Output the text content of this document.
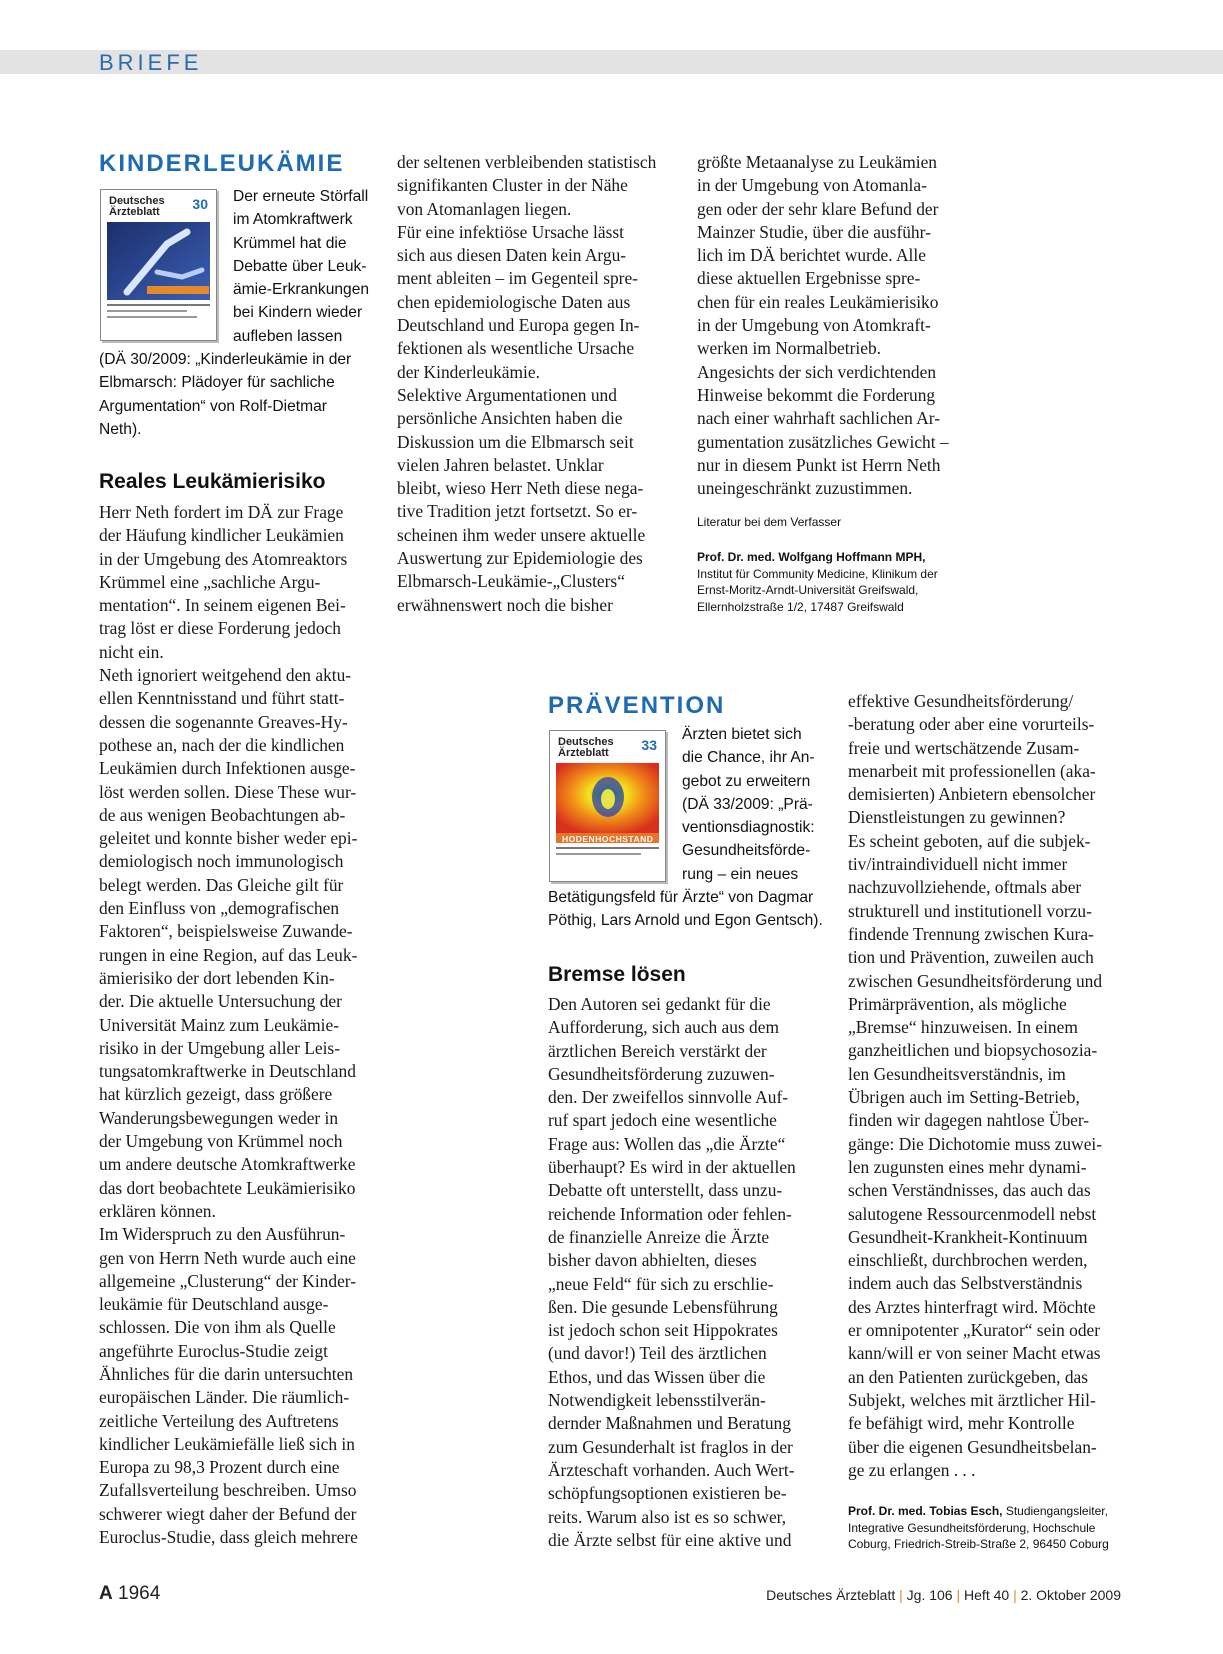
BRIEFE
KINDERLEUKÄMIE
Deutsches
Ärzteblatt	30 Der erneute Störfall
im Atomkraftwerk
Krümmel hat die
Debatte über Leuk-
ämie-Erkrankungen
bei Kindern wieder
aufleben lassen
(DÄ 30/2009: „Kinderleukämie in der
Elbmarsch: Plädoyer für sachliche
Argumentation“ von Rolf-Dietmar
Neth).
Reales Leukämierisiko
Herr Neth fordert im DÄ zur Frage
der Häufung kindlicher Leukämien
in der Umgebung des Atomreaktors
Krümmel eine „sachliche Argu-
mentation“. In seinem eigenen Bei-
trag löst er diese Forderung jedoch
nicht ein.
Neth ignoriert weitgehend den aktu-
ellen Kenntnisstand und führt statt-
dessen die sogenannte Greaves-Hy-
pothese an, nach der die kindlichen
Leukämien durch Infektionen ausge-
löst werden sollen. Diese These wur-
de aus wenigen Beobachtungen ab-
geleitet und konnte bisher weder epi-
demiologisch noch immunologisch
belegt werden. Das Gleiche gilt für
den Einfluss von „demografischen
Faktoren“, beispielsweise Zuwande-
rungen in eine Region, auf das Leuk-
ämierisiko der dort lebenden Kin-
der. Die aktuelle Untersuchung der
Universität Mainz zum Leukämie-
risiko in der Umgebung aller Leis-
tungsatomkraftwerke in Deutschland
hat kürzlich gezeigt, dass größere
Wanderungsbewegungen weder in
der Umgebung von Krümmel noch
um andere deutsche Atomkraftwerke
das dort beobachtete Leukämierisiko
erklären können.
Im Widerspruch zu den Ausführun-
gen von Herrn Neth wurde auch eine
allgemeine „Clusterung“ der Kinder-
leukämie für Deutschland ausge-
schlossen. Die von ihm als Quelle
angeführte Euroclus-Studie zeigt
Ähnliches für die darin untersuchten
europäischen Länder. Die räumlich-
zeitliche Verteilung des Auftretens
kindlicher Leukämiefälle ließ sich in
Europa zu 98,3 Prozent durch eine
Zufallsverteilung beschreiben. Umso
schwerer wiegt daher der Befund der
Euroclus-Studie, dass gleich mehrere
der seltenen verbleibenden statistisch
signifikanten Cluster in der Nähe
von Atomanlagen liegen.
Für eine infektiöse Ursache lässt
sich aus diesen Daten kein Argu-
ment ableiten – im Gegenteil spre-
chen epidemiologische Daten aus
Deutschland und Europa gegen In-
fektionen als wesentliche Ursache
der Kinderleukämie.
Selektive Argumentationen und
persönliche Ansichten haben die
Diskussion um die Elbmarsch seit
vielen Jahren belastet. Unklar
bleibt, wieso Herr Neth diese nega-
tive Tradition jetzt fortsetzt. So er-
scheinen ihm weder unsere aktuelle
Auswertung zur Epidemiologie des
Elbmarsch-Leukämie-„Clusters“
erwähnenswert noch die bisher
größte Metaanalyse zu Leukämien
in der Umgebung von Atomanla-
gen oder der sehr klare Befund der
Mainzer Studie, über die ausführ-
lich im DÄ berichtet wurde. Alle
diese aktuellen Ergebnisse spre-
chen für ein reales Leukämierisiko
in der Umgebung von Atomkraft-
werken im Normalbetrieb.
Angesichts der sich verdichtenden
Hinweise bekommt die Forderung
nach einer wahrhaft sachlichen Ar-
gumentation zusätzliches Gewicht –
nur in diesem Punkt ist Herrn Neth
uneingeschränkt zuzustimmen.
Literatur bei dem Verfasser
Prof. Dr. med. Wolfgang Hoffmann MPH,
Institut für Community Medicine, Klinikum der
Ernst-Moritz-Arndt-Universität Greifswald,
Ellernholzstraße 1/2, 17487 Greifswald
PRÄVENTION
Deutsches
Ärzteblatt	33
HODENHOCHSTAND
Ärzten bietet sich
die Chance, ihr An-
gebot zu erweitern
(DÄ 33/2009: „Prä-
ventionsdiagnostik:
Gesundheitsförde-
rung – ein neues
Betätigungsfeld für Ärzte“ von Dagmar
Pöthig, Lars Arnold und Egon Gentsch).
Bremse lösen
Den Autoren sei gedankt für die
Aufforderung, sich auch aus dem
ärztlichen Bereich verstärkt der
Gesundheitsförderung zuzuwen-
den. Der zweifellos sinnvolle Auf-
ruf spart jedoch eine wesentliche
Frage aus: Wollen das „die Ärzte“
überhaupt? Es wird in der aktuellen
Debatte oft unterstellt, dass unzu-
reichende Information oder fehlen-
de finanzielle Anreize die Ärzte
bisher davon abhielten, dieses
„neue Feld“ für sich zu erschlie-
ßen. Die gesunde Lebensführung
ist jedoch schon seit Hippokrates
(und davor!) Teil des ärztlichen
Ethos, und das Wissen über die
Notwendigkeit lebensstilverän-
dernder Maßnahmen und Beratung
zum Gesunderhalt ist fraglos in der
Ärzteschaft vorhanden. Auch Wert-
schöpfungsoptionen existieren be-
reits. Warum also ist es so schwer,
die Ärzte selbst für eine aktive und
effektive Gesundheitsförderung/
-beratung oder aber eine vorurteils-
freie und wertschätzende Zusam-
menarbeit mit professionellen (aka-
demisierten) Anbietern ebensolcher
Dienstleistungen zu gewinnen?
Es scheint geboten, auf die subjek-
tiv/intraindividuell nicht immer
nachzuvollziehende, oftmals aber
strukturell und institutionell vorzu-
findende Trennung zwischen Kura-
tion und Prävention, zuweilen auch
zwischen Gesundheitsförderung und
Primärprävention, als mögliche
„Bremse“ hinzuweisen. In einem
ganzheitlichen und biopsychosozia-
len Gesundheitsverständnis, im
Übrigen auch im Setting-Betrieb,
finden wir dagegen nahtlose Über-
gänge: Die Dichotomie muss zuwei-
len zugunsten eines mehr dynami-
schen Verständnisses, das auch das
salutogene Ressourcenmodell nebst
Gesundheit-Krankheit-Kontinuum
einschließt, durchbrochen werden,
indem auch das Selbstverständnis
des Arztes hinterfragt wird. Möchte
er omnipotenter „Kurator“ sein oder
kann/will er von seiner Macht etwas
an den Patienten zurückgeben, das
Subjekt, welches mit ärztlicher Hil-
fe befähigt wird, mehr Kontrolle
über die eigenen Gesundheitsbelan-
ge zu erlangen . . .
Prof. Dr. med. Tobias Esch, Studiengangsleiter,
Integrative Gesundheitsförderung, Hochschule
Coburg, Friedrich-Streib-Straße 2, 96450 Coburg
A 1964	Deutsches Ärzteblatt | Jg. 106 | Heft 40 | 2. Oktober 2009
